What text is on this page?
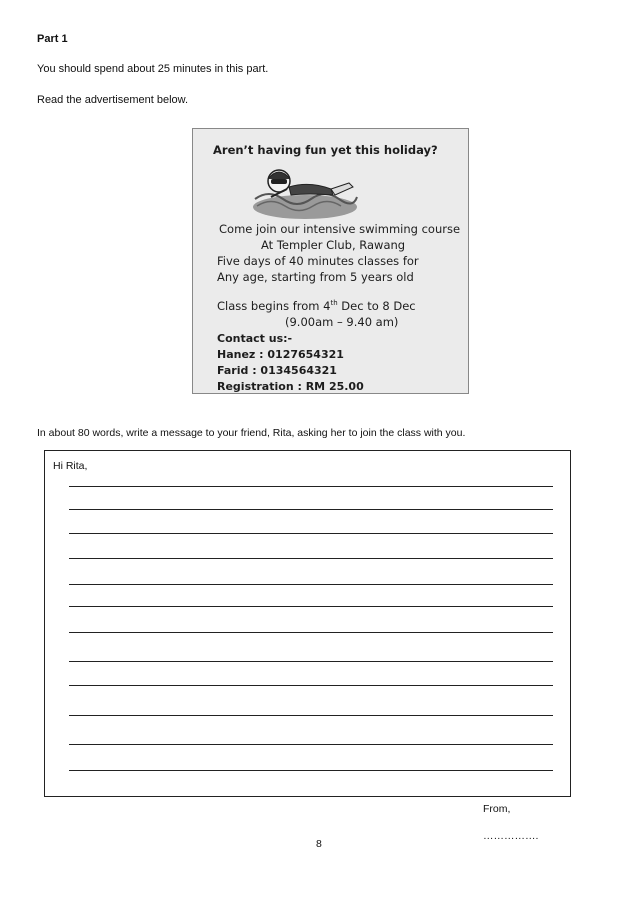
Part 1
You should spend about 25 minutes in this part.
Read the advertisement below.
Aren’t having fun yet this holiday?
Come join our intensive swimming course
At Templer Club, Rawang
Five days of 40 minutes classes for
Any age, starting from 5 years old
Class begins from 4th Dec to 8 Dec
(9.00am – 9.40 am)
Contact us:-
Hanez : 0127654321
Farid : 0134564321
Registration : RM 25.00
In about 80 words, write a message to your friend, Rita, asking her to join the class with you.
Hi Rita,
From,
…………….
8
